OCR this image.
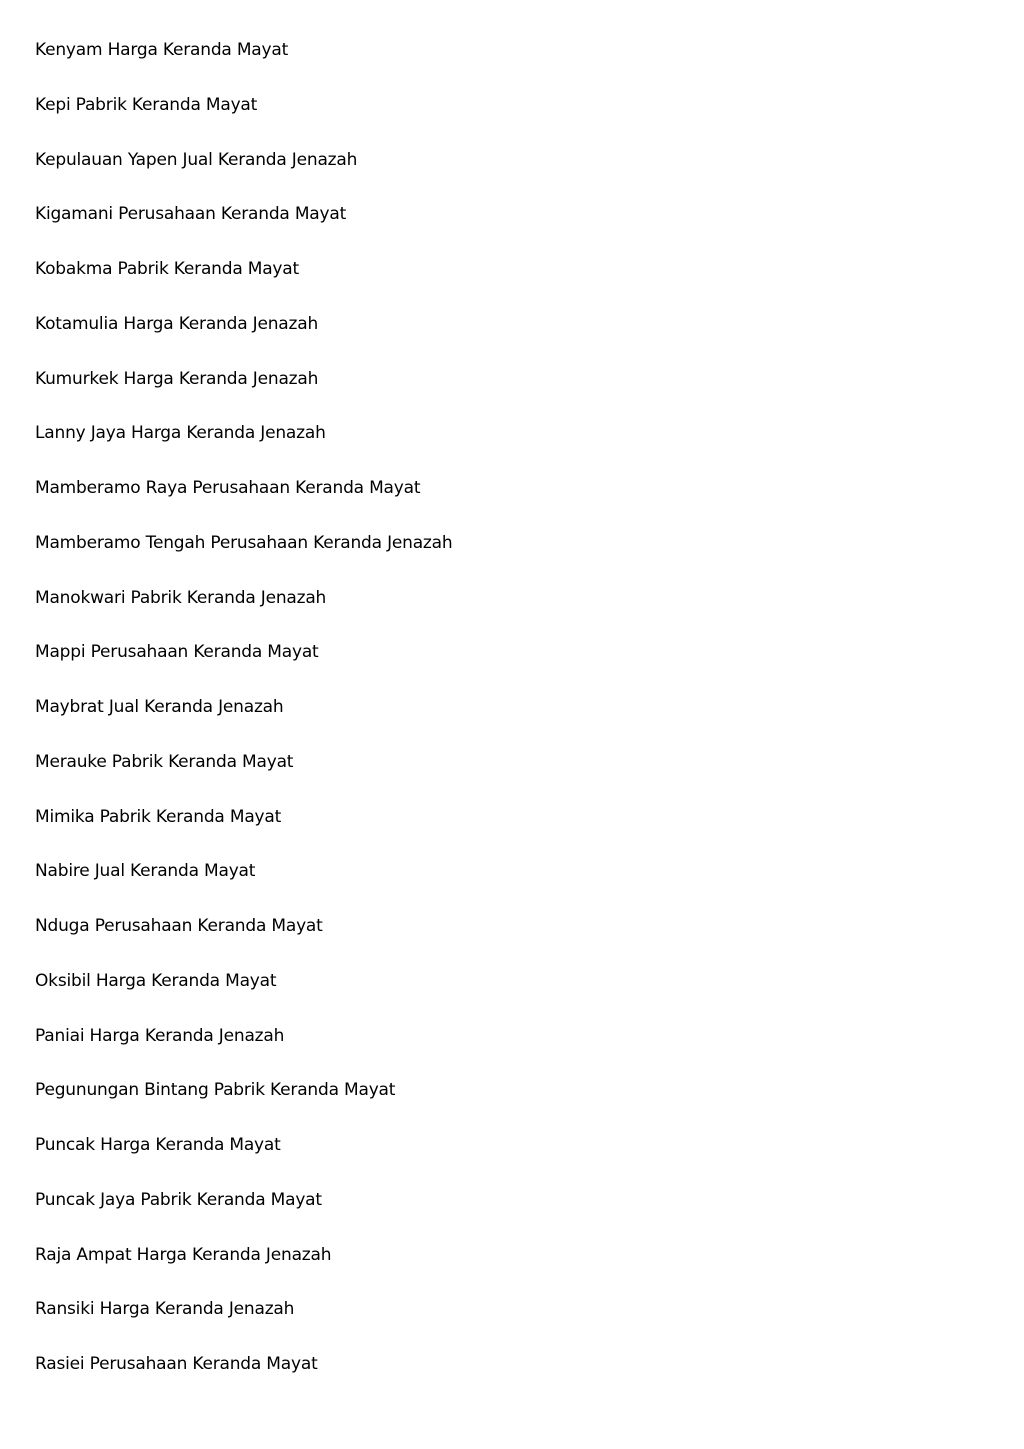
Kenyam Harga Keranda Mayat
Kepi Pabrik Keranda Mayat
Kepulauan Yapen Jual Keranda Jenazah
Kigamani Perusahaan Keranda Mayat
Kobakma Pabrik Keranda Mayat
Kotamulia Harga Keranda Jenazah
Kumurkek Harga Keranda Jenazah
Lanny Jaya Harga Keranda Jenazah
Mamberamo Raya Perusahaan Keranda Mayat
Mamberamo Tengah Perusahaan Keranda Jenazah
Manokwari Pabrik Keranda Jenazah
Mappi Perusahaan Keranda Mayat
Maybrat Jual Keranda Jenazah
Merauke Pabrik Keranda Mayat
Mimika Pabrik Keranda Mayat
Nabire Jual Keranda Mayat
Nduga Perusahaan Keranda Mayat
Oksibil Harga Keranda Mayat
Paniai Harga Keranda Jenazah
Pegunungan Bintang Pabrik Keranda Mayat
Puncak Harga Keranda Mayat
Puncak Jaya Pabrik Keranda Mayat
Raja Ampat Harga Keranda Jenazah
Ransiki Harga Keranda Jenazah
Rasiei Perusahaan Keranda Mayat
